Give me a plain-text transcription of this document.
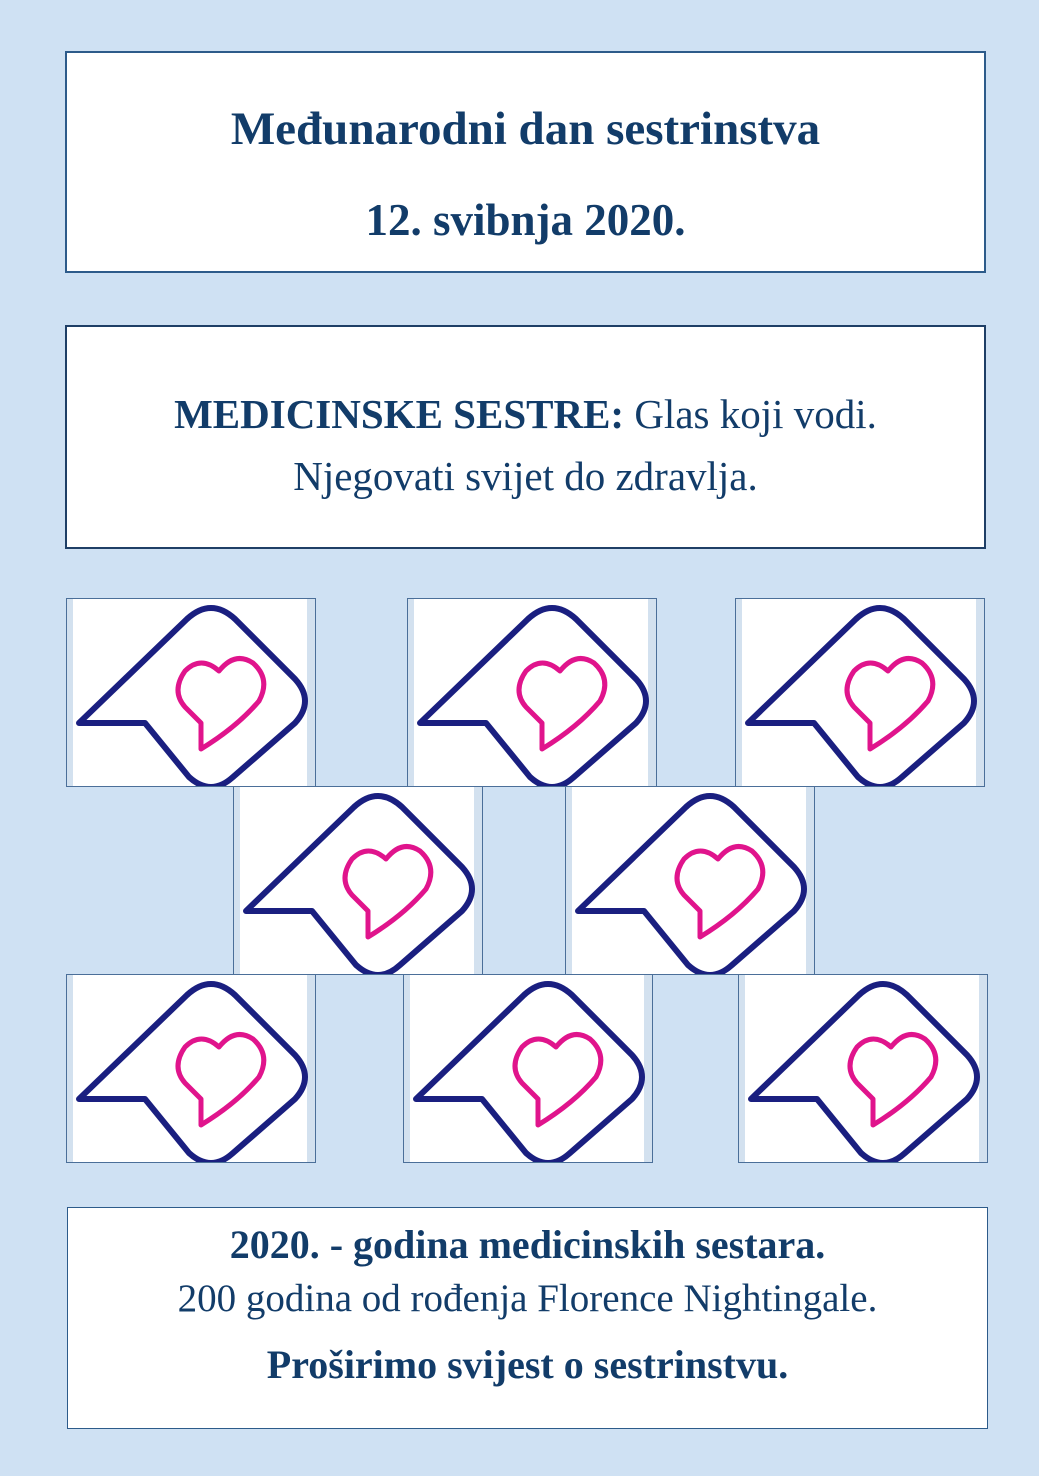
Međunarodni dan sestrinstva
12. svibnja 2020.
MEDICINSKE SESTRE: Glas koji vodi.
Njegovati svijet do zdravlja.
2020. - godina medicinskih sestara.
200 godina od rođenja Florence Nightingale.
Proširimo svijest o sestrinstvu.
